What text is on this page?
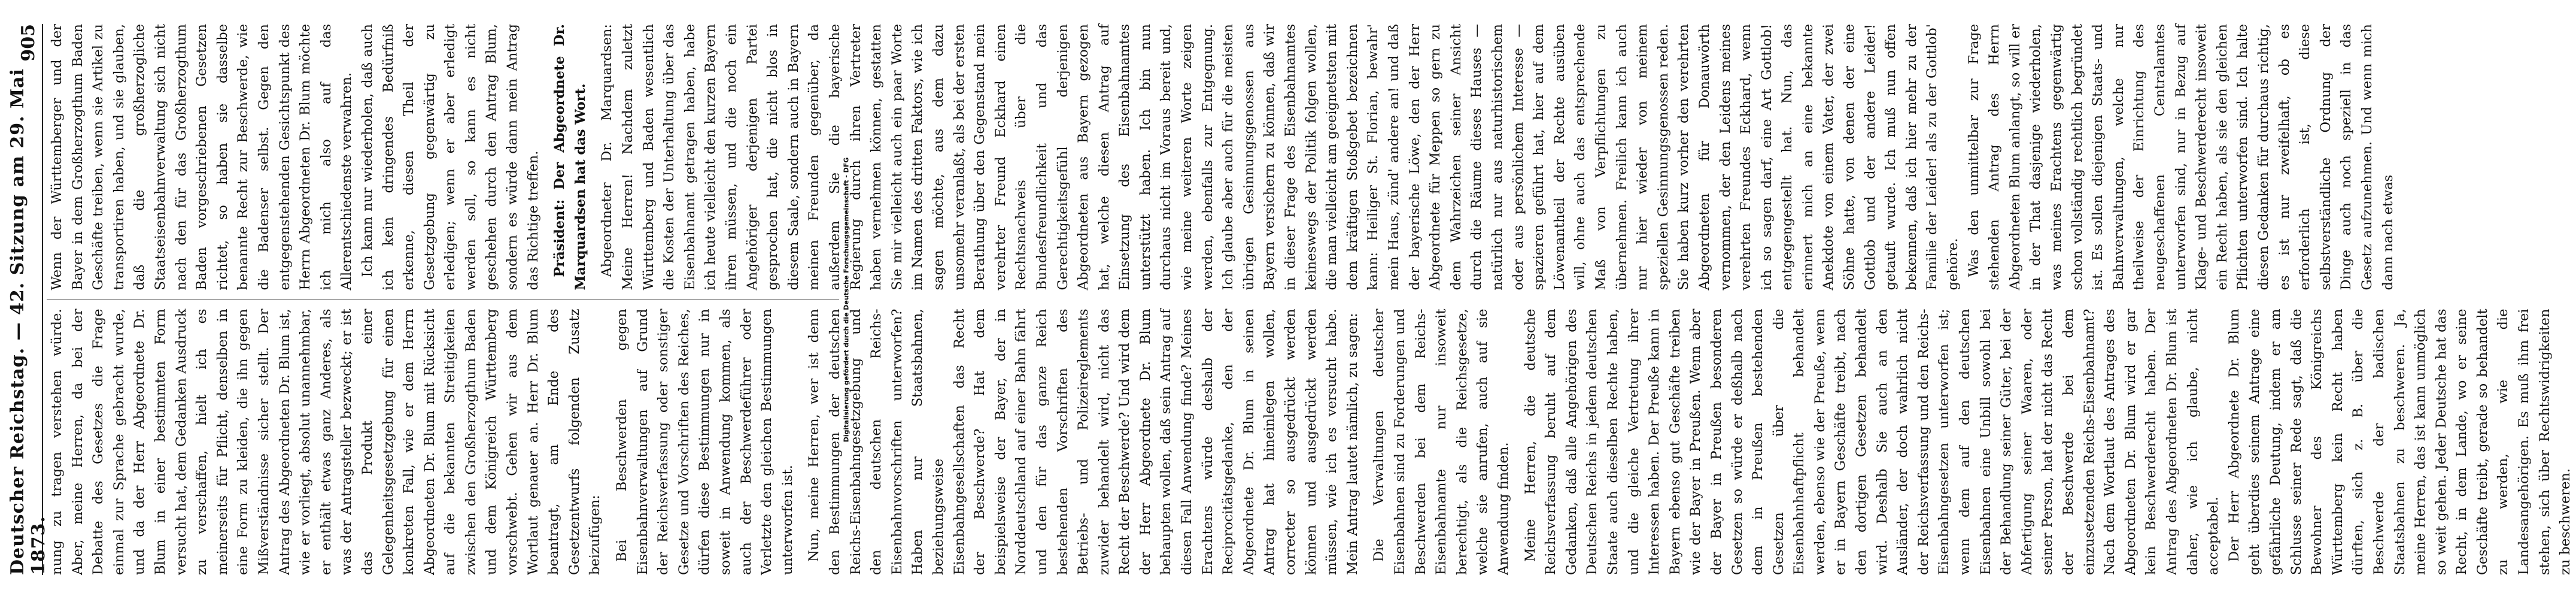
Deutscher Reichstag. — 42. Sitzung am 29. Mai 1873.
905

nung zu tragen verstehen würde. Aber, meine Herren, da bei der Debatte des Gesetzes die Frage einmal zur Sprache gebracht wurde, und da der Herr Abgeordnete Dr. Blum in einer bestimmten Form versucht hat, dem Gedanken Ausdruck zu verschaffen, hielt ich es meinerseits für Pflicht, denselben in eine Form zu kleiden, die ihn gegen Mißverständnisse sicher stellt. Der Antrag des Abgeordneten Dr. Blum ist, wie er vorliegt, absolut unannehmbar, er enthält etwas ganz Anderes, als was der Antragsteller bezweckt; er ist das Produkt einer Gelegenheitsgesetzgebung für einen konkreten Fall, wie er dem Herrn Abgeordneten Dr. Blum mit Rücksicht auf die bekannten Streitigkeiten zwischen den Großherzogthum Baden und dem Königreich Württemberg vorschwebt. Gehen wir aus dem Wortlaut genauer an. Herr Dr. Blum beantragt, am Ende des Gesetzentwurfs folgenden Zusatz beizufügen: Bei Beschwerden gegen Eisenbahnverwaltungen auf Grund der Reichsverfassung oder sonstiger Gesetze und Vorschriften des Reiches, dürfen diese Bestimmungen nur in soweit in Anwendung kommen, als auch der Beschwerdeführer oder Verletzte den gleichen Bestimmungen unterworfen ist. Nun, meine Herren, wer ist denn den Bestimmungen der deutschen Reichs-Eisenbahngesetzgebung und den deutschen Reichs-Eisenbahnvorschriften unterworfen? Haben nur Staatsbahnen, beziehungsweise Eisenbahngesellschaften das Recht der Beschwerde? Hat dem beispielsweise der Bayer, der in Norddeutschland auf einer Bahn fährt und den für das ganze Reich bestehenden Vorschriften des Betriebs- und Polizeireglements zuwider behandelt wird, nicht das Recht der Beschwerde? Und wird dem der Herr Abgeordnete Dr. Blum behaupten wollen, daß sein Antrag auf diesen Fall Anwendung finde? Meines Erachtens würde deshalb der Reciprocitätsgedanke, den der Abgeordnete Dr. Blum in seinen Antrag hat hineinlegen wollen, correcter so ausgedrückt werden können und ausgedrückt werden müssen, wie ich es versucht habe. Mein Antrag lautet nämlich, zu sagen: Die Verwaltungen deutscher Eisenbahnen sind zu Forderungen und Beschwerden bei dem Reichs-Eisenbahnamte nur insoweit berechtigt, als die Reichsgesetze, welche sie anrufen, auch auf sie Anwendung finden. Meine Herren, die deutsche Reichsverfassung beruht auf dem Gedanken, daß alle Angehörigen des Deutschen Reichs in jedem deutschen Staate auch dieselben Rechte haben, und die gleiche Vertretung ihrer Interessen haben. Der Preuße kann in Bayern ebenso gut Geschäfte treiben wie der Bayer in Preußen. Wenn aber der Bayer in Preußen besonderen Gesetzen so würde er deßhalb nach dem in Preußen bestehenden Gesetzen über die Eisenbahnhaftpflicht behandelt werden, ebenso wie der Preuße, wenn er in Bayern Geschäfte treibt, nach den dortigen Gesetzen behandelt wird. Deshalb Sie auch an den Ausländer, der doch wahrlich nicht der Reichsverfassung und den Reichs-Eisenbahngesetzen unterworfen ist; wenn dem auf den deutschen Eisenbahnen eine Unbill sowohl bei der Behandlung seiner Güter, bei der Abfertigung seiner Waaren, oder seiner Person, hat der nicht das Recht der Beschwerde bei dem einzusetzenden Reichs-Eisenbahnamt? Nach dem Wortlaut des Antrages des Abgeordneten Dr. Blum wird er gar kein Beschwerderecht haben. Der Antrag des Abgeordneten Dr. Blum ist daher, wie ich glaube, nicht acceptabel. Der Herr Abgeordnete Dr. Blum geht überdies seinem Antrage eine gefährliche Deutung, indem er am Schlusse seiner Rede sagt, daß die Bewohner des Königreichs Württemberg kein Recht haben dürften, sich z. B. über die Beschwerde der badischen Staatsbahnen zu beschweren. Ja, meine Herren, das ist kann unmöglich so weit gehen. Jeder Deutsche hat das Recht, in dem Lande, wo er seine Geschäfte treibt, gerade so behandelt zu werden, wie die Landesangehörigen. Es muß ihm frei stehen, sich über Rechtswidrigkeiten zu beschweren.

Wenn der Württemberger und der Bayer in dem Großherzogthum Baden Geschäfte treiben, wenn sie Artikel zu transportiren haben, und sie glauben, daß die großherzogliche Staatseisenbahnverwaltung sich nicht nach den für das Großherzogthum Baden vorgeschriebenen Gesetzen richtet, so haben sie dasselbe benannte Recht zur Beschwerde, wie die Badenser selbst. Gegen den entgegenstehenden Gesichtspunkt des Herrn Abgeordneten Dr. Blum möchte ich mich also auf das Allerentschiedenste verwahren. Ich kann nur wiederholen, daß auch ich kein dringendes Bedürfniß erkenne, diesen Theil der Gesetzgebung gegenwärtig zu erledigen; wenn er aber erledigt werden soll, so kann es nicht geschehen durch den Antrag Blum, sondern es würde dann mein Antrag das Richtige treffen. Präsident: Der Abgeordnete Dr. Marquardsen hat das Wort. Abgeordneter Dr. Marquardsen: Meine Herren! Nachdem zuletzt Württemberg und Baden wesentlich die Kosten der Unterhaltung über das Eisenbahnamt getragen haben, habe ich heute vielleicht den kurzen Bayern ihren müssen, und die noch ein Angehöriger derjenigen Partei gesprochen hat, die nicht blos in diesem Saale, sondern auch in Bayern meinen Freunden gegenüber, da außerdem Sie die bayerische Regierung durch ihren Vertreter haben vernehmen können, gestatten Sie mir vielleicht auch ein paar Worte im Namen des dritten Faktors, wie ich sagen möchte, aus dem dazu unsomehr veranlaßt, als bei der ersten Berathung über den Gegenstand mein verehrter Freund Eckhard einen Rechtsnachweis über die Bundesfreundlichkeit und das Gerechtigkeitsgefühl derjenigen Abgeordneten aus Bayern gezogen hat, welche diesen Antrag auf Einsetzung des Eisenbahnamtes unterstützt haben. Ich bin nun durchaus nicht im Voraus bereit und, wie meine weiteren Worte zeigen werden, ebenfalls zur Entgegnung. Ich glaube aber auch für die meisten übrigen Gesinnungsgenossen aus Bayern versichern zu können, daß wir in dieser Frage des Eisenbahnamtes keineswegs der Politik folgen wollen, die man vielleicht am geeignetsten mit dem kräftigen Stoßgebet bezeichnen kann: Heiliger St. Florian, bewahr' mein Haus, zünd' andere an! und daß der bayerische Löwe, den der Herr Abgeordnete für Meppen so gern zu dem Wahrzeichen seiner Ansicht durch die Räume dieses Hauses — natürlich nur aus naturhistorischem oder aus persönlichem Interesse — spazieren geführt hat, hier auf dem Löwenantheil der Rechte ausüben will, ohne auch das entsprechende Maß von Verpflichtungen zu übernehmen. Freilich kann ich auch nur hier wieder von meinem speziellen Gesinnungsgenossen reden. Sie haben kurz vorher den verehrten Abgeordneten für Donauwörth vernommen, der den Leidens meines verehrten Freundes Eckhard, wenn ich so sagen darf, eine Art Gottlob! entgegengestellt hat. Nun, das erinnert mich an eine bekannte Anekdote von einem Vater, der zwei Söhne hatte, von denen der eine Gottlob und der andere Leider! getauft wurde. Ich muß nun offen bekennen, daß ich hier mehr zu der Familie der Leider! als zu der Gottlob' gehöre. Was den unmittelbar zur Frage stehenden Antrag des Herrn Abgeordneten Blum anlangt, so will er in der That dasjenige wiederholen, was meines Erachtens gegenwärtig schon vollständig rechtlich begründet ist. Es sollen diejenigen Staats- und Bahnverwaltungen, welche nur theilweise der Einrichtung des neugeschaffenen Centralamtes unterworfen sind, nur in Bezug auf Klage- und Beschwerderecht insoweit ein Recht haben, als sie den gleichen Pflichten unterworfen sind. Ich halte diesen Gedanken für durchaus richtig, es ist nur zweifelhaft, ob es erforderlich ist, diese selbstverständliche Ordnung der Dinge auch noch speziell in das Gesetz aufzunehmen. Und wenn mich dann nach etwas

Digitalisierung gefördert durch die Deutsche Forschungsgemeinschaft - DFG
